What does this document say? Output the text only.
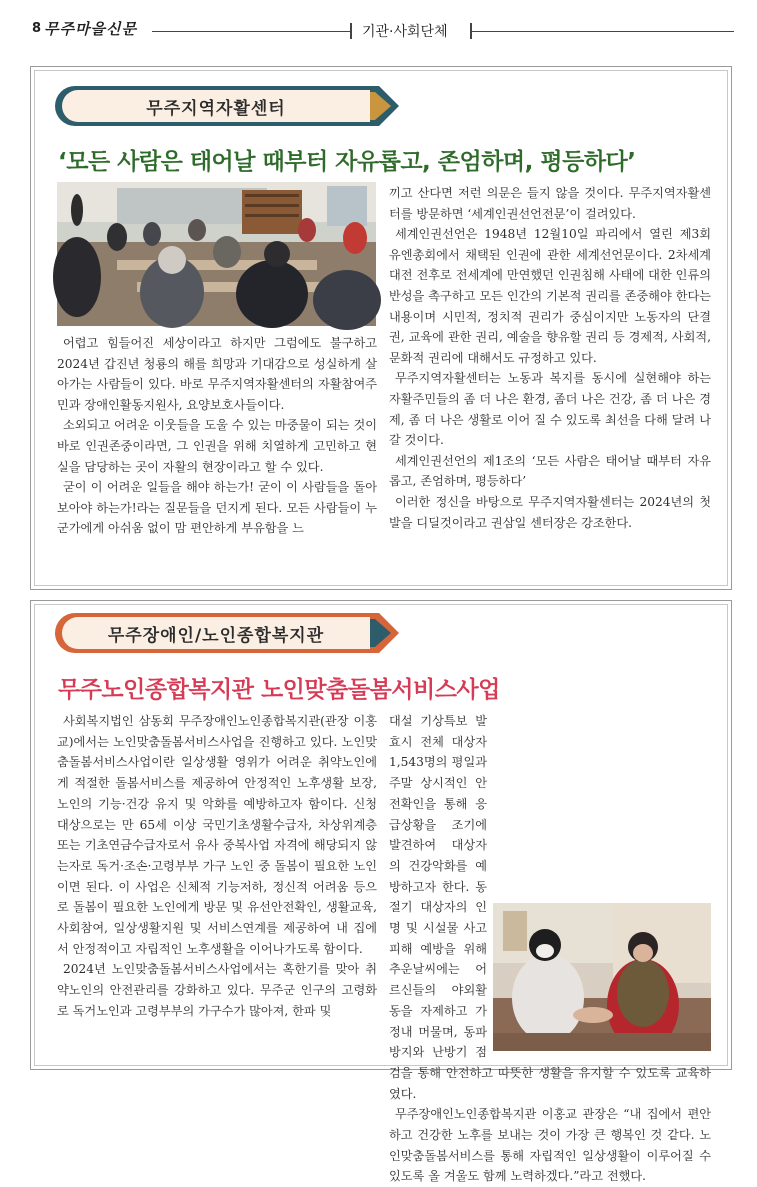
8 무주마을신문	기관·사회단체
무주지역자활센터
‘모든 사람은 태어날 때부터 자유롭고, 존엄하며, 평등하다’

어렵고 힘들어진 세상이라고 하지만 그럼에도 불구하고 2024년 갑진년 청룡의 해를 희망과 기대감으로 성실하게 살아가는 사람들이 있다. 바로 무주지역자활센터의 자활참여주민과 장애인활동지원사, 요양보호사들이다.

소외되고 어려운 이웃들을 도울 수 있는 마중물이 되는 것이 바로 인권존중이라면, 그 인권을 위해 치열하게 고민하고 현실을 담당하는 곳이 자활의 현장이라고 할 수 있다.

굳이 이 어려운 일들을 해야 하는가! 굳이 이 사람들을 돌아보아야 하는가!라는 질문들을 던지게 된다. 모든 사람들이 누군가에게 아쉬움 없이 맘 편안하게 부유함을 느

끼고 산다면 저런 의문은 들지 않을 것이다. 무주지역자활센터를 방문하면 ‘세계인권선언전문’이 걸려있다.

세계인권선언은 1948년 12월10일 파리에서 열린 제3회 유엔총회에서 채택된 인권에 관한 세계선언문이다. 2차세계대전 전후로 전세계에 만연했던 인권침해 사태에 대한 인류의 반성을 촉구하고 모든 인간의 기본적 권리를 존중해야 한다는 내용이며 시민적, 정치적 권리가 중심이지만 노동자의 단결권, 교육에 관한 권리, 예술을 향유할 권리 등 경제적, 사회적, 문화적 권리에 대해서도 규정하고 있다.

무주지역자활센터는 노동과 복지를 동시에 실현해야 하는 자활주민들의 좀 더 나은 환경, 좀더 나은 건강, 좀 더 나은 경제, 좀 더 나은 생활로 이어 질 수 있도록 최선을 다해 달려 나갈 것이다.

세계인권선언의 제1조의 ‘모든 사람은 태어날 때부터 자유롭고, 존엄하며, 평등하다’

이러한 정신을 바탕으로 무주지역자활센터는 2024년의 첫 발을 디딜것이라고 권삼일 센터장은 강조한다.

무주장애인/노인종합복지관
무주노인종합복지관 노인맞춤돌봄서비스사업

사회복지법인 삼동회 무주장애인노인종합복지관(관장 이홍교)에서는 노인맞춤돌봄서비스사업을 진행하고 있다. 노인맞춤돌봄서비스사업이란 일상생활 영위가 어려운 취약노인에게 적절한 돌봄서비스를 제공하여 안정적인 노후생활 보장, 노인의 기능·건강 유지 및 악화를 예방하고자 함이다. 신청 대상으로는 만 65세 이상 국민기초생활수급자, 차상위계층 또는 기초연금수급자로서 유사 중복사업 자격에 해당되지 않는자로 독거·조손·고령부부 가구 노인 중 돌봄이 필요한 노인이면 된다. 이 사업은 신체적 기능저하, 정신적 어려움 등으로 돌봄이 필요한 노인에게 방문 및 유선안전확인, 생활교육, 사회참여, 일상생활지원 및 서비스연계를 제공하여 내 집에서 안정적이고 자립적인 노후생활을 이어나가도록 함이다.

2024년 노인맞춤돌봄서비스사업에서는 혹한기를 맞아 취약노인의 안전관리를 강화하고 있다. 무주군 인구의 고령화로 독거노인과 고령부부의 가구수가 많아져, 한파 및

대설 기상특보 발효시 전체 대상자 1,543명의 평일과 주말 상시적인 안전확인을 통해 응급상황을 조기에 발견하여 대상자의 건강악화를 예방하고자 한다. 동절기 대상자의 인명 및 시설물 사고피해 예방을 위해 추운날씨에는 어르신들의 야외활동을 자제하고 가정내 머물며, 동파방지와 난방기 점검을 통해 안전하고 따뜻한 생활을 유지할 수 있도록 교육하였다.

무주장애인노인종합복지관 이홍교 관장은 “내 집에서 편안하고 건강한 노후를 보내는 것이 가장 큰 행복인 것 같다. 노인맞춤돌봄서비스를 통해 자립적인 일상생활이 이루어질 수 있도록 올 겨울도 함께 노력하겠다.”라고 전했다.
